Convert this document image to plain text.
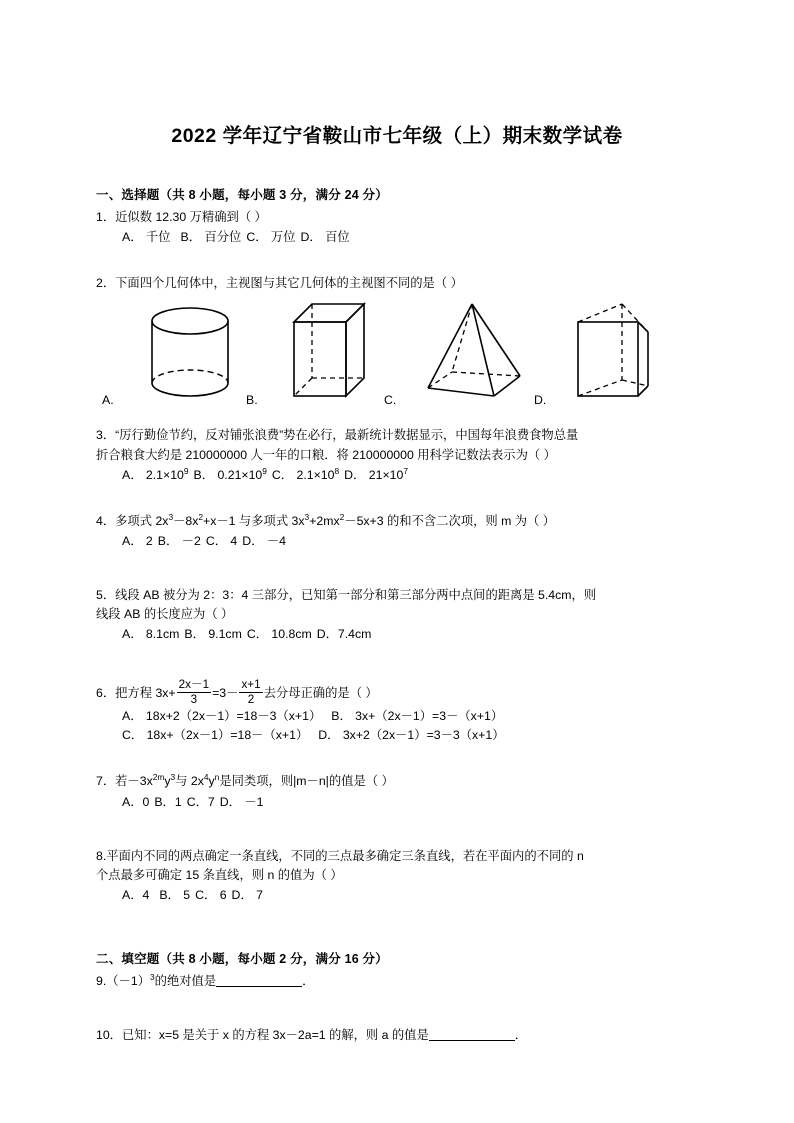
2022 学年辽宁省鞍山市七年级（上）期末数学试卷
一、选择题（共 8 小题，每小题 3 分，满分 24 分）
1．近似数 12.30 万精确到（ ）
A． 千位 B． 百分位 C． 万位 D． 百位
2．下面四个几何体中，主视图与其它几何体的主视图不同的是（ ）
A.	B.	C.	D.
3．“厉行勤俭节约，反对铺张浪费”势在必行，最新统计数据显示，中国每年浪费食物总量
折合粮食大约是 210000000 人一年的口粮．将 210000000 用科学记数法表示为（ ）
A． $2.1\times 10^9$ B． $0.21\times 10^9$ C． $2.1\times 10^8$ D． $21\times 10^7$
4．多项式 $2x^3-8x^2+x-1$ 与多项式 $3x^3+2mx^2-5x+3$ 的和不含二次项，则 m 为（ ）
A． 2 B． －2 C． 4 D． －4
5．线段 AB 被分为 2：3：4 三部分，已知第一部分和第三部分两中点间的距离是 5.4cm，则
线段 AB 的长度应为（ ）
A． 8.1cm B． 9.1cm C． 10.8cm D．7.4cm
6．把方程 $3x+ \frac{2x-1}{3} =3- \frac{x+1}{2}$ 去分母正确的是（ ）
A． 18x+2（2x－1）=18－3（x+1） B． 3x+（2x－1）=3－（x+1）
C． 18x+（2x－1）=18－（x+1） D． 3x+2（2x－1）=3－3（x+1）
7．若$-3x^{2m}y^3$与 $2x^4y^n$是同类项，则|m－n|的值是（ ）
A．0 B．1 C．7 D． －1
8.平面内不同的两点确定一条直线，不同的三点最多确定三条直线，若在平面内的不同的 n
个点最多可确定 15 条直线，则 n 的值为（ ）
A．4 B． 5 C． 6 D． 7
二、填空题（共 8 小题，每小题 2 分，满分 16 分）
$9.(-1)^3$的绝对值是	．
10．已知：x=5 是关于 x 的方程 3x－2a=1 的解，则 a 的值是	．
